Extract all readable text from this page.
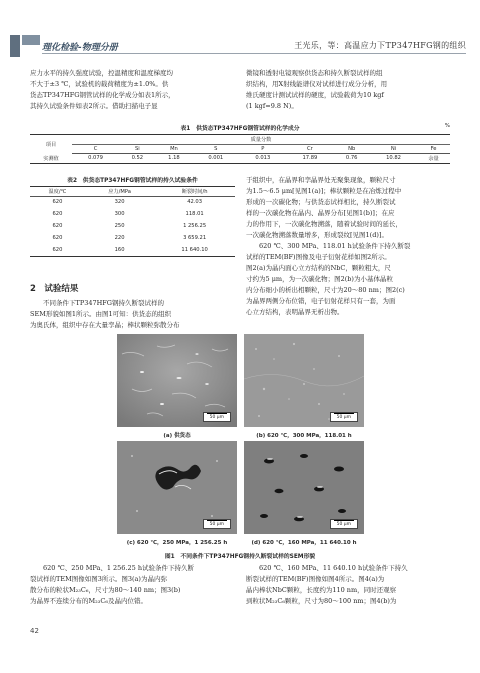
理化检验-物理分册	王光乐，等：高温应力下TP347HFG钢的组织
应力水平的持久强度试验，控温精度和温度梯度均
不大于±3 ℃，试验机的载荷精度为±1.0%。供
货态TP347HFG钢管试样的化学成分如表1所示，
其持久试验条件如表2所示。借助扫描电子显
微镜和透射电镜观察供货态和持久断裂试样的组
织结构，用X射线能谱仪对试样进行成分分析，用
维氏硬度计测试试样的硬度，试验载荷为10 kgf
(1 kgf=9.8 N)。
表1　供货态TP347HFG钢管试样的化学成分	%
项目	质量分数								
	C	Si	Mn	S	P	Cr	Nb	Ni	Fe
实测值	0.079	0.52	1.18	0.001	0.013	17.89	0.76	10.82	余量
表2　供货态TP347HFG钢管试样的持久试验条件
温度/℃	应力/MPa	断裂时间/h
620	320	42.03
620	300	118.01
620	250	1 256.25
620	220	3 659.21
620	160	11 640.10
2　试验结果
不同条件下TP347HFG钢持久断裂试样的
SEM形貌如图1所示。由图1可知：供货态的组织
为奥氏体，组织中存在大量孪晶；棒状颗粒弥散分布
于组织中，在晶界和孪晶界处无聚集现象，颗粒尺寸
为1.5～6.5 μm[见图1(a)]；棒状颗粒是在冶炼过程中
形成的一次碳化物；与供货态试样相比，持久断裂试
样的一次碳化物在晶内、晶界分布[见图1(b)]；在应
力的作用下，一次碳化物溯落，随着试验时间的延长，
一次碳化物溯落数量增多，形成裂纹[见图1(d)]。
620 ℃、300 MPa、118.01 h试验条件下持久断裂
试样的TEM(BF)图像及电子衍射花样如图2所示。
图2(a)为晶内面心立方结构的NbC，颗粒粗大，尺
寸约为5 μm，为一次碳化物；图2(b)为小基体晶粒
内分布细小的析出相颗粒，尺寸为20～80 nm；图2(c)
为晶界两侧分布位错，电子衍射花样只有一套，为面
心立方结构，表明晶界无析出物。
50 μm	50 μm
(a) 供货态	(b) 620 ℃，300 MPa，118.01 h
50 μm	50 μm
(c) 620 ℃，250 MPa，1 256.25 h	(d) 620 ℃，160 MPa，11 640.10 h
图1　不同条件下TP347HFG钢持久断裂试样的SEM形貌
620 ℃、250 MPa、1 256.25 h试验条件下持久断
裂试样的TEM图像如图3所示。图3(a)为晶内弥
散分布的粒状M₂₃C₆，尺寸为80～140 nm；图3(b)
为晶界不连续分布的M₂₃C₆及晶内位错。
620 ℃、160 MPa、11 640.10 h试验条件下持久
断裂试样的TEM(BF)图像如图4所示。图4(a)为
晶内棒状NbC颗粒，长度约为110 nm，同时还观察
到粒状M₂₃C₆颗粒，尺寸为80～100 nm；图4(b)为
42
